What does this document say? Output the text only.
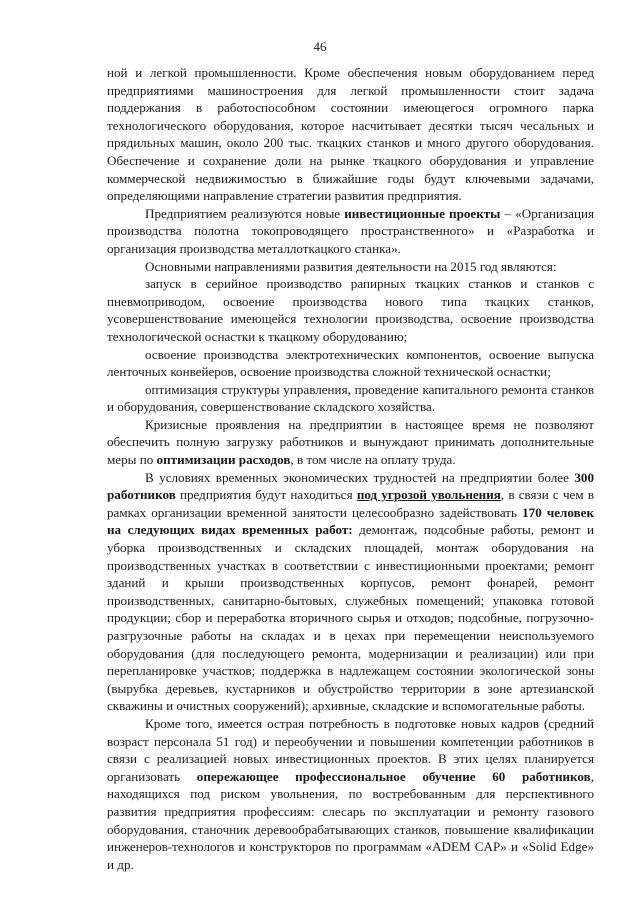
46

ной и легкой промышленности. Кроме обеспечения новым оборудованием перед предприятиями машиностроения для легкой промышленности стоит задача поддержания в работоспособном состоянии имеющегося огромного парка технологического оборудования, которое насчитывает десятки тысяч чесальных и прядильных машин, около 200 тыс. ткацких станков и много другого оборудования. Обеспечение и сохранение доли на рынке ткацкого оборудования и управление коммерческой недвижимостью в ближайшие годы будут ключевыми задачами, определяющими направление стратегии развития предприятия.

Предприятием реализуются новые инвестиционные проекты – «Организация производства полотна токопроводящего пространственного» и «Разработка и организация производства металлоткацкого станка».

Основными направлениями развития деятельности на 2015 год являются:

запуск в серийное производство рапирных ткацких станков и станков с пневмоприводом, освоение производства нового типа ткацких станков, усовершенствование имеющейся технологии производства, освоение производства технологической оснастки к ткацкому оборудованию;

освоение производства электротехнических компонентов, освоение выпуска ленточных конвейеров, освоение производства сложной технической оснастки;

оптимизация структуры управления, проведение капитального ремонта станков и оборудования, совершенствование складского хозяйства.

Кризисные проявления на предприятии в настоящее время не позволяют обеспечить полную загрузку работников и вынуждают принимать дополнительные меры по оптимизации расходов, в том числе на оплату труда.

В условиях временных экономических трудностей на предприятии более 300 работников предприятия будут находиться под угрозой увольнения, в связи с чем в рамках организации временной занятости целесообразно задействовать 170 человек на следующих видах временных работ: демонтаж, подсобные работы, ремонт и уборка производственных и складских площадей, монтаж оборудования на производственных участках в соответствии с инвестиционными проектами; ремонт зданий и крыши производственных корпусов, ремонт фонарей, ремонт производственных, санитарно-бытовых, служебных помещений; упаковка готовой продукции; сбор и переработка вторичного сырья и отходов; подсобные, погрузочно-разгрузочные работы на складах и в цехах при перемещении неиспользуемого оборудования (для последующего ремонта, модернизации и реализации) или при перепланировке участков; поддержка в надлежащем состоянии экологической зоны (вырубка деревьев, кустарников и обустройство территории в зоне артезианской скважины и очистных сооружений); архивные, складские и вспомогательные работы.

Кроме того, имеется острая потребность в подготовке новых кадров (средний возраст персонала 51 год) и переобучении и повышении компетенции работников в связи с реализацией новых инвестиционных проектов. В этих целях планируется организовать опережающее профессиональное обучение 60 работников, находящихся под риском увольнения, по востребованным для перспективного развития предприятия профессиям: слесарь по эксплуатации и ремонту газового оборудования, станочник деревообрабатывающих станков, повышение квалификации инженеров-технологов и конструкторов по программам «ADEM CAP» и «Solid Edge» и др.
